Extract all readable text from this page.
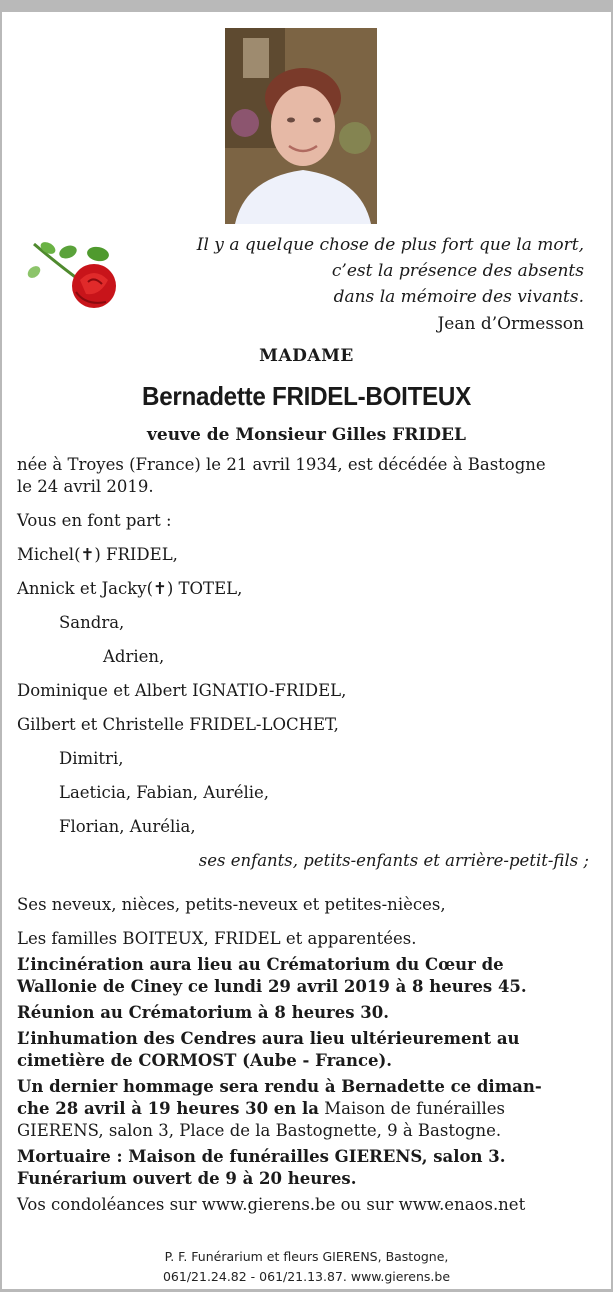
Il y a quelque chose de plus fort que la mort,
c’est la présence des absents
dans la mémoire des vivants.
Jean d’Ormesson
MADAME
Bernadette FRIDEL-BOITEUX
veuve de Monsieur Gilles FRIDEL
née à Troyes (France) le 21 avril 1934, est décédée à Bastogne
le 24 avril 2019.
Vous en font part :
Michel(✝) FRIDEL,
Annick et Jacky(✝) TOTEL,
Sandra,
Adrien,
Dominique et Albert IGNATIO-FRIDEL,
Gilbert et Christelle FRIDEL-LOCHET,
Dimitri,
Laeticia, Fabian, Aurélie,
Florian, Aurélia,
ses enfants, petits-enfants et arrière-petit-fils ;
Ses neveux, nièces, petits-neveux et petites-nièces,
Les familles BOITEUX, FRIDEL et apparentées.
L’incinération aura lieu au Crématorium du Cœur de
Wallonie de Ciney ce lundi 29 avril 2019 à 8 heures 45.
Réunion au Crématorium à 8 heures 30.
L’inhumation des Cendres aura lieu ultérieurement au
cimetière de CORMOST (Aube - France).
Un dernier hommage sera rendu à Bernadette ce diman-
che 28 avril à 19 heures 30 en la Maison de funérailles
GIERENS, salon 3, Place de la Bastognette, 9 à Bastogne.
Mortuaire : Maison de funérailles GIERENS, salon 3.
Funérarium ouvert de 9 à 20 heures.
Vos condoléances sur www.gierens.be ou sur www.enaos.net
P. F. Funérarium et fleurs GIERENS, Bastogne,
061/21.24.82 - 061/21.13.87. www.gierens.be
